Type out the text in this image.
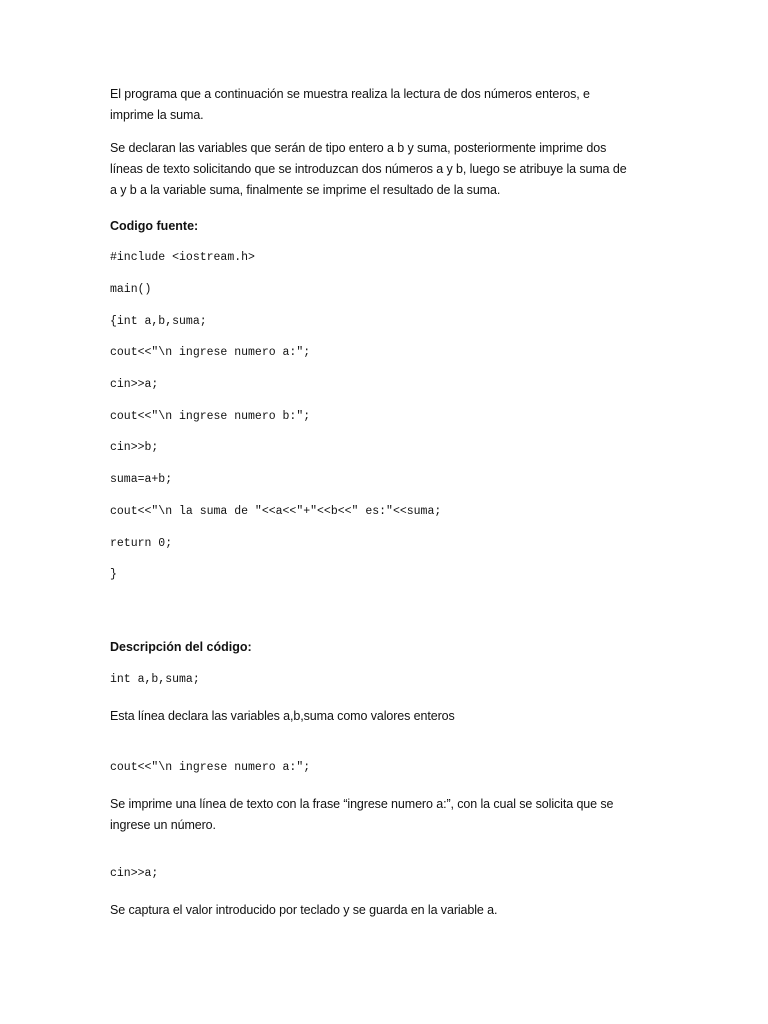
El programa que a continuación se muestra realiza la lectura de dos números enteros, e
imprime la suma.

Se declaran las variables que serán de tipo entero a b y suma, posteriormente imprime dos
líneas de texto solicitando que se introduzcan dos números a y b, luego se atribuye la suma de
a y b a la variable suma, finalmente se imprime el resultado de la suma.

Codigo fuente:

#include <iostream.h>
main()
{int a,b,suma;
cout<<"\n ingrese numero a:";
cin>>a;
cout<<"\n ingrese numero b:";
cin>>b;
suma=a+b;
cout<<"\n la suma de "<<a<<"+"<<b<<" es:"<<suma;
return 0;
}

Descripción del código:

int a,b,suma;

Esta línea declara las variables a,b,suma como valores enteros

cout<<"\n ingrese numero a:";

Se imprime una línea de texto con la frase “ingrese numero a:”, con la cual se solicita que se
ingrese un número.

cin>>a;

Se captura el valor introducido por teclado y se guarda en la variable a.
